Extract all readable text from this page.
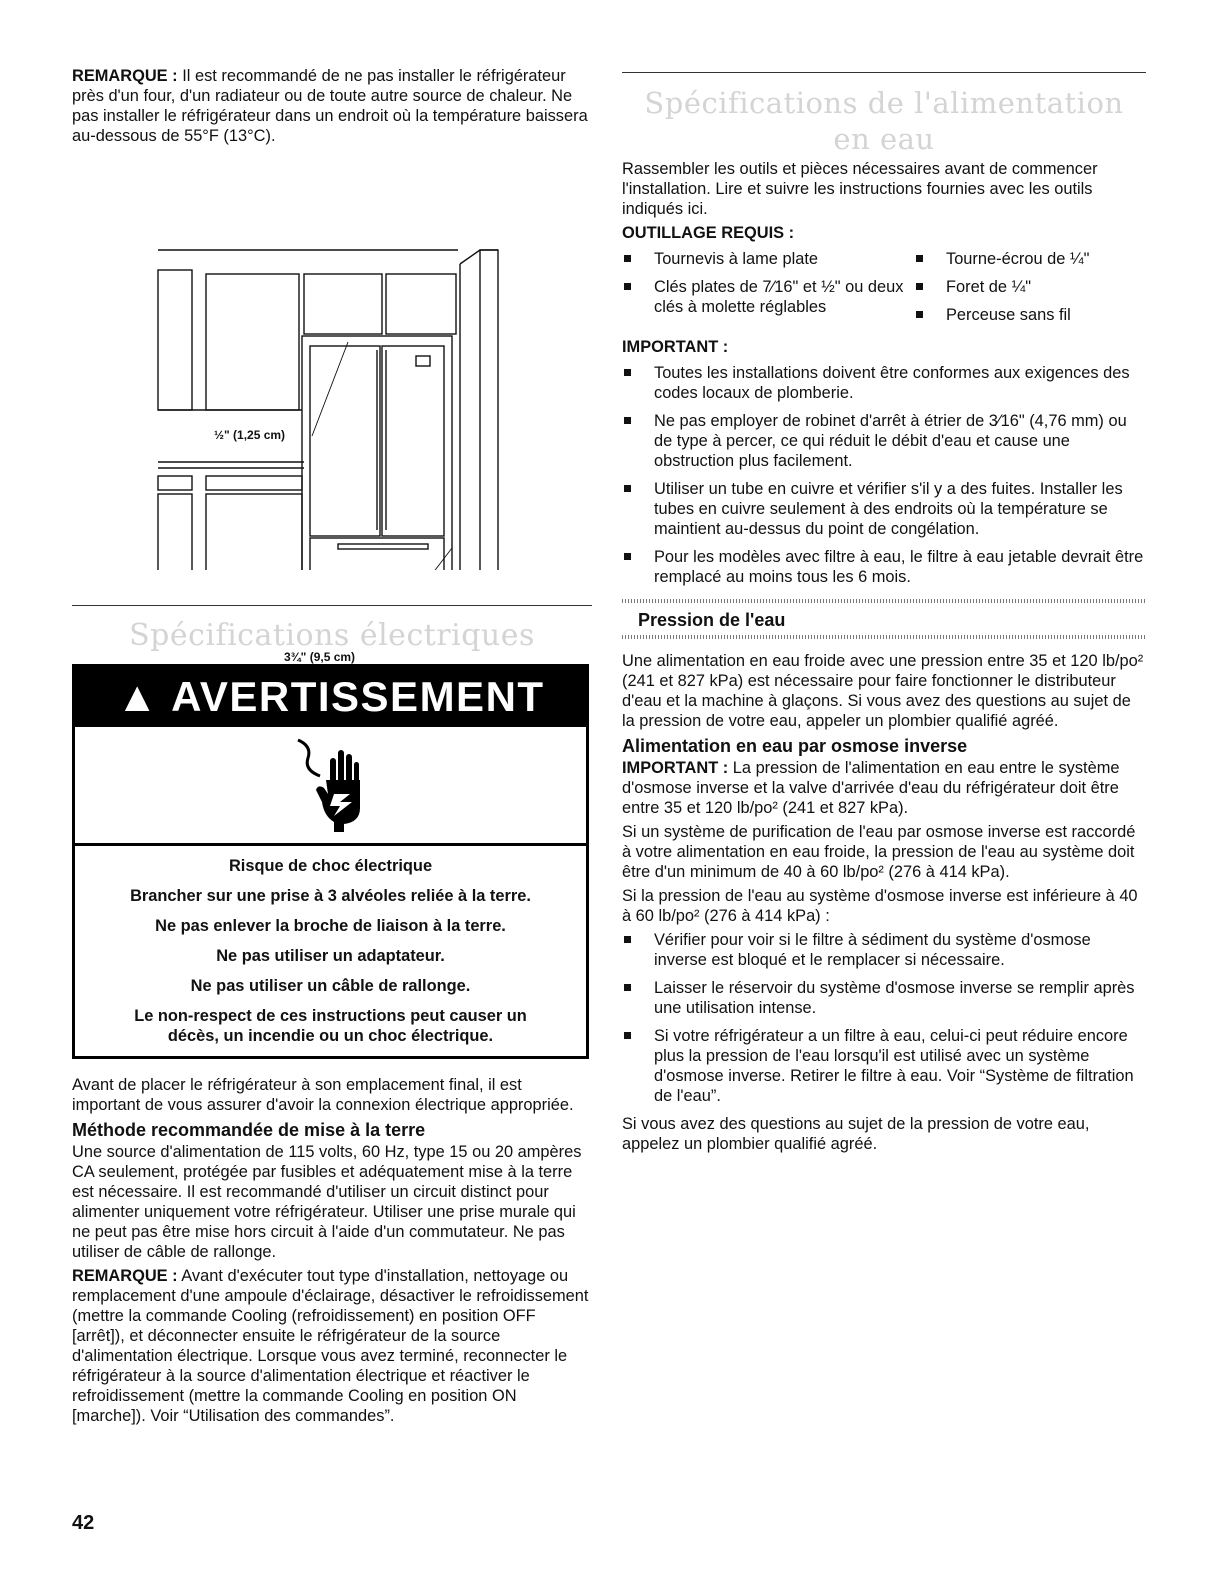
REMARQUE : Il est recommandé de ne pas installer le réfrigérateur près d'un four, d'un radiateur ou de toute autre source de chaleur. Ne pas installer le réfrigérateur dans un endroit où la température baissera au-dessous de 55°F (13°C).

½" (1,25 cm)
3¾" (9,5 cm)
Spécifications électriques
▲ AVERTISSEMENT

Risque de choc électrique

Brancher sur une prise à 3 alvéoles reliée à la terre.

Ne pas enlever la broche de liaison à la terre.

Ne pas utiliser un adaptateur.

Ne pas utiliser un câble de rallonge.

Le non-respect de ces instructions peut causer un décès, un incendie ou un choc électrique.

Avant de placer le réfrigérateur à son emplacement final, il est important de vous assurer d'avoir la connexion électrique appropriée.

Méthode recommandée de mise à la terre

Une source d'alimentation de 115 volts, 60 Hz, type 15 ou 20 ampères CA seulement, protégée par fusibles et adéquatement mise à la terre est nécessaire. Il est recommandé d'utiliser un circuit distinct pour alimenter uniquement votre réfrigérateur. Utiliser une prise murale qui ne peut pas être mise hors circuit à l'aide d'un commutateur. Ne pas utiliser de câble de rallonge.

REMARQUE : Avant d'exécuter tout type d'installation, nettoyage ou remplacement d'une ampoule d'éclairage, désactiver le refroidissement (mettre la commande Cooling (refroidissement) en position OFF [arrêt]), et déconnecter ensuite le réfrigérateur de la source d'alimentation électrique. Lorsque vous avez terminé, reconnecter le réfrigérateur à la source d'alimentation électrique et réactiver le refroidissement (mettre la commande Cooling en position ON [marche]). Voir “Utilisation des commandes”.

Spécifications de l'alimentation en eau

Rassembler les outils et pièces nécessaires avant de commencer l'installation. Lire et suivre les instructions fournies avec les outils indiqués ici.

OUTILLAGE REQUIS :
Tournevis à lame plate
Clés plates de 7⁄16" et ½" ou deux clés à molette réglables
Tourne-écrou de ¼"
Foret de ¼"
Perceuse sans fil
IMPORTANT :
Toutes les installations doivent être conformes aux exigences des codes locaux de plomberie.
Ne pas employer de robinet d'arrêt à étrier de 3⁄16" (4,76 mm) ou de type à percer, ce qui réduit le débit d'eau et cause une obstruction plus facilement.
Utiliser un tube en cuivre et vérifier s'il y a des fuites. Installer les tubes en cuivre seulement à des endroits où la température se maintient au-dessus du point de congélation.
Pour les modèles avec filtre à eau, le filtre à eau jetable devrait être remplacé au moins tous les 6 mois.
Pression de l'eau

Une alimentation en eau froide avec une pression entre 35 et 120 lb/po² (241 et 827 kPa) est nécessaire pour faire fonctionner le distributeur d'eau et la machine à glaçons. Si vous avez des questions au sujet de la pression de votre eau, appeler un plombier qualifié agréé.

Alimentation en eau par osmose inverse

IMPORTANT : La pression de l'alimentation en eau entre le système d'osmose inverse et la valve d'arrivée d'eau du réfrigérateur doit être entre 35 et 120 lb/po² (241 et 827 kPa).

Si un système de purification de l'eau par osmose inverse est raccordé à votre alimentation en eau froide, la pression de l'eau au système doit être d'un minimum de 40 à 60 lb/po² (276 à 414 kPa).

Si la pression de l'eau au système d'osmose inverse est inférieure à 40 à 60 lb/po² (276 à 414 kPa) :

Vérifier pour voir si le filtre à sédiment du système d'osmose inverse est bloqué et le remplacer si nécessaire.
Laisser le réservoir du système d'osmose inverse se remplir après une utilisation intense.
Si votre réfrigérateur a un filtre à eau, celui-ci peut réduire encore plus la pression de l'eau lorsqu'il est utilisé avec un système d'osmose inverse. Retirer le filtre à eau. Voir “Système de filtration de l'eau”.

Si vous avez des questions au sujet de la pression de votre eau, appelez un plombier qualifié agréé.

42
